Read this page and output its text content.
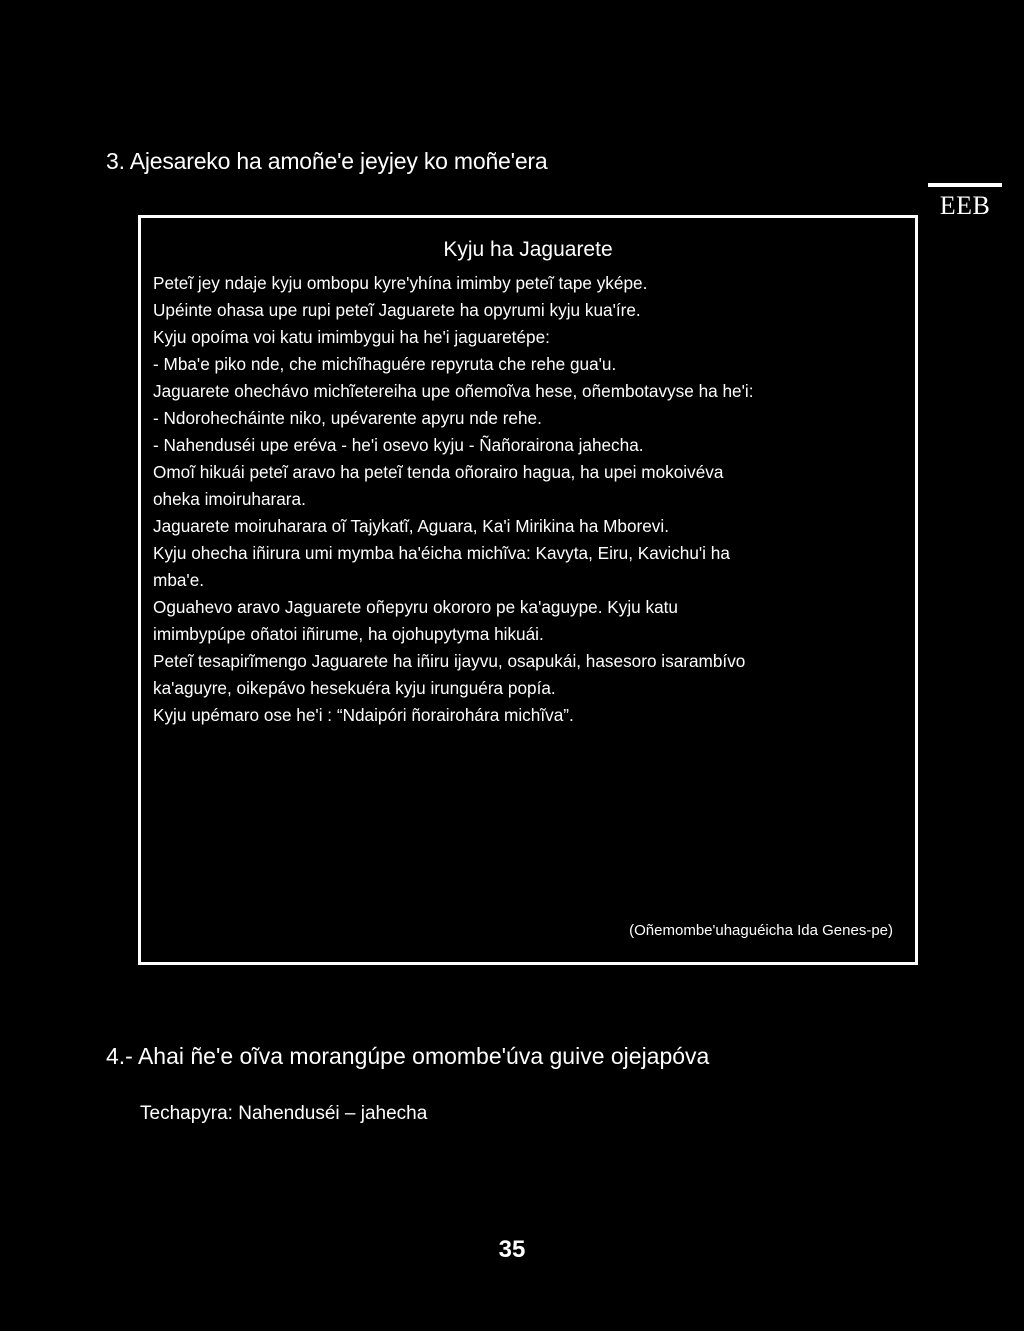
3. Ajesareko ha amoñe'e jeyjey ko moñe'era
EEB
Kyju ha Jaguarete
Peteĩ jey ndaje kyju ombopu kyre'yhína imimby peteĩ tape yképe.
Upéinte ohasa upe rupi peteĩ Jaguarete ha opyrumi kyju kua'íre.
Kyju opoíma voi katu imimbygui ha he'i jaguaretépe:
- Mba'e piko nde, che michĩhaguére repyruta che rehe gua'u.
Jaguarete ohechávo michĩetereiha upe oñemoĩva hese, oñembotavyse ha he'i:
- Ndorohecháinte niko, upévarente apyru nde rehe.
- Nahenduséi upe eréva - he'i osevo kyju - Ñañorairona jahecha.
Omoĩ hikuái peteĩ aravo ha peteĩ tenda oñorairo hagua, ha upei mokoivéva
oheka imoiruharara.
Jaguarete moiruharara oĩ Tajykatĩ, Aguara, Ka'i Mirikina ha Mborevi.
Kyju ohecha iñirura umi mymba ha'éicha michĩva: Kavyta, Eiru, Kavichu'i ha
mba'e.
Oguahevo aravo Jaguarete oñepyru okororo pe ka'aguype. Kyju katu
imimbypúpe oñatoi iñirume, ha ojohupytyma hikuái.
Peteĩ tesapirĩmengo Jaguarete ha iñiru ijayvu, osapukái, hasesoro isarambívo
ka'aguyre, oikepávo hesekuéra kyju irunguéra popía.
Kyju upémaro ose he'i : “Ndaipóri ñorairohára michĩva”.
(Oñemombe'uhaguéicha Ida Genes-pe)
4.- Ahai ñe'e oĩva morangúpe omombe'úva guive ojejapóva
Techapyra: Nahenduséi – jahecha
35
